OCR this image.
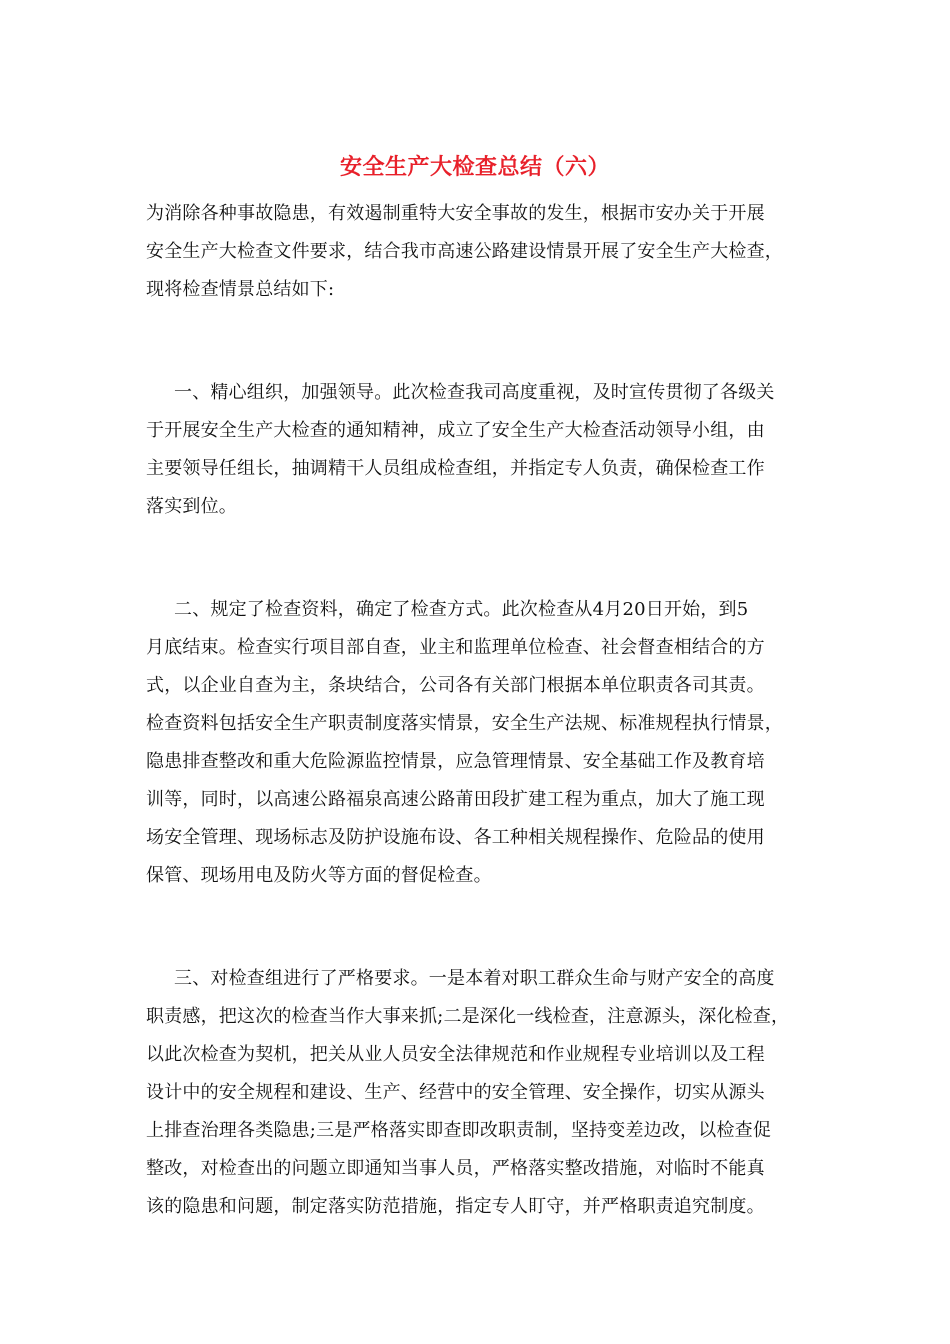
安全生产大检查总结（六）
为消除各种事故隐患，有效遏制重特大安全事故的发生，根据市安办关于开展
安全生产大检查文件要求，结合我市高速公路建设情景开展了安全生产大检查，
现将检查情景总结如下:
一、精心组织，加强领导。此次检查我司高度重视，及时宣传贯彻了各级关
于开展安全生产大检查的通知精神，成立了安全生产大检查活动领导小组，由
主要领导任组长，抽调精干人员组成检查组，并指定专人负责，确保检查工作
落实到位。
二、规定了检查资料，确定了检查方式。此次检查从4月20日开始，到5
月底结束。检查实行项目部自查，业主和监理单位检查、社会督查相结合的方
式，以企业自查为主，条块结合，公司各有关部门根据本单位职责各司其责。
检查资料包括安全生产职责制度落实情景，安全生产法规、标准规程执行情景，
隐患排查整改和重大危险源监控情景，应急管理情景、安全基础工作及教育培
训等，同时，以高速公路福泉高速公路莆田段扩建工程为重点，加大了施工现
场安全管理、现场标志及防护设施布设、各工种相关规程操作、危险品的使用
保管、现场用电及防火等方面的督促检查。
三、对检查组进行了严格要求。一是本着对职工群众生命与财产安全的高度
职责感，把这次的检查当作大事来抓;二是深化一线检查，注意源头，深化检查，
以此次检查为契机，把关从业人员安全法律规范和作业规程专业培训以及工程
设计中的安全规程和建设、生产、经营中的安全管理、安全操作，切实从源头
上排查治理各类隐患;三是严格落实即查即改职责制，坚持变差边改，以检查促
整改，对检查出的问题立即通知当事人员，严格落实整改措施，对临时不能真
该的隐患和问题，制定落实防范措施，指定专人盯守，并严格职责追究制度。
